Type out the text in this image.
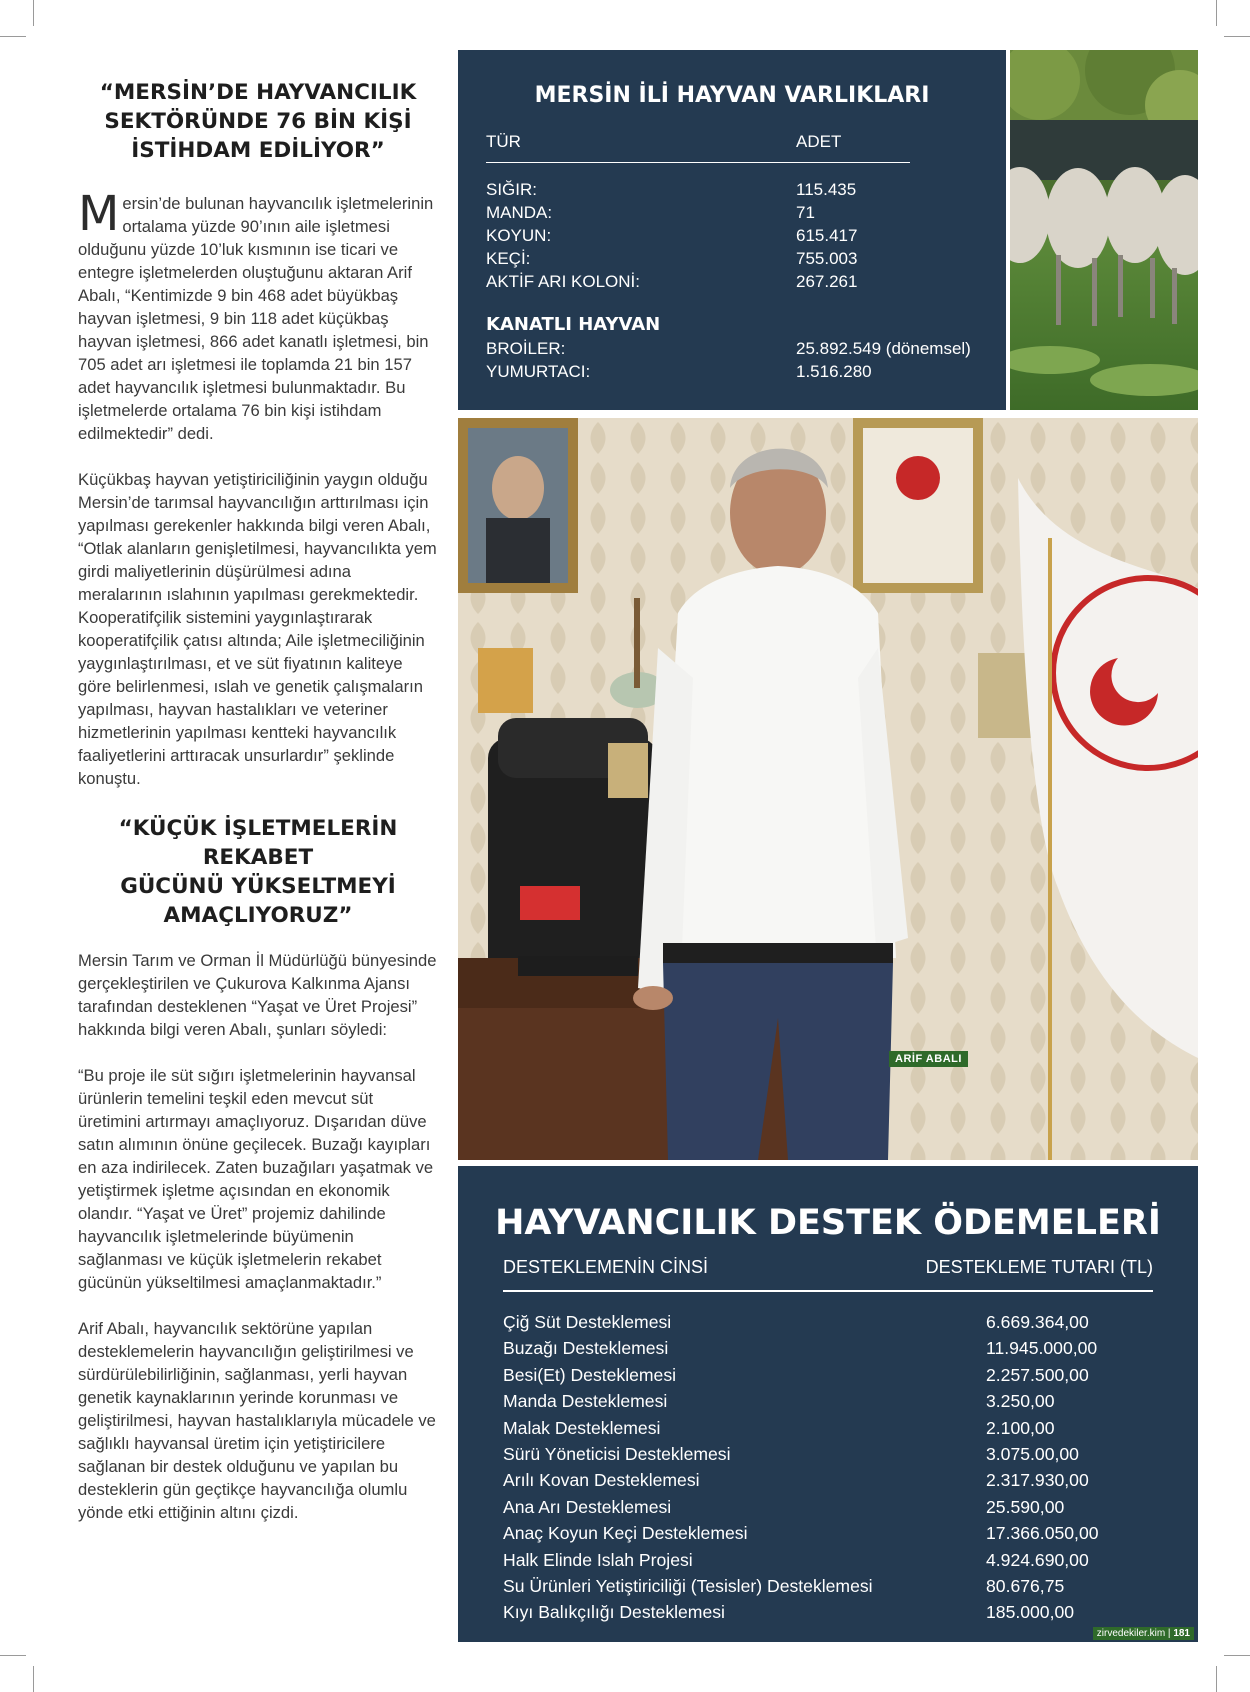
“MERSİN’DE HAYVANCILIK
SEKTÖRÜNDE 76 BİN KİŞİ
İSTİHDAM EDİLİYOR”

Mersin’de bulunan hayvancılık işletmelerinin ortalama yüzde 90’ının aile işletmesi olduğunu yüzde 10’luk kısmının ise ticari ve entegre işletmelerden oluştuğunu aktaran Arif Abalı, “Kentimizde 9 bin 468 adet büyükbaş hayvan işletmesi, 9 bin 118 adet küçükbaş hayvan işletmesi, 866 adet kanatlı işletmesi, bin 705 adet arı işletmesi ile toplamda 21 bin 157 adet hayvancılık işletmesi bulunmaktadır. Bu işletmelerde ortalama 76 bin kişi istihdam edilmektedir” dedi.

Küçükbaş hayvan yetiştiriciliğinin yaygın olduğu Mersin’de tarımsal hayvancılığın arttırılması için yapılması gerekenler hakkında bilgi veren Abalı, “Otlak alanların genişletilmesi, hayvancılıkta yem girdi maliyetlerinin düşürülmesi adına meralarının ıslahının yapılması gerekmektedir. Kooperatifçilik sistemini yaygınlaştırarak kooperatifçilik çatısı altında; Aile işletmeciliğinin yaygınlaştırılması, et ve süt fiyatının kaliteye göre belirlenmesi, ıslah ve genetik çalışmaların yapılması, hayvan hastalıkları ve veteriner hizmetlerinin yapılması kentteki hayvancılık faaliyetlerini arttıracak unsurlardır” şeklinde konuştu.

“KÜÇÜK İŞLETMELERİN
REKABET
GÜCÜNÜ YÜKSELTMEYİ
AMAÇLIYORUZ”

Mersin Tarım ve Orman İl Müdürlüğü bünyesinde gerçekleştirilen ve Çukurova Kalkınma Ajansı tarafından desteklenen “Yaşat ve Üret Projesi” hakkında bilgi veren Abalı, şunları söyledi:

“Bu proje ile süt sığırı işletmelerinin hayvansal ürünlerin temelini teşkil eden mevcut süt üretimini artırmayı amaçlıyoruz. Dışarıdan düve satın alımının önüne geçilecek. Buzağı kayıpları en aza indirilecek. Zaten buzağıları yaşatmak ve yetiştirmek işletme açısından en ekonomik olandır. “Yaşat ve Üret” projemiz dahilinde hayvancılık işletmelerinde büyümenin sağlanması ve küçük işletmelerin rekabet gücünün yükseltilmesi amaçlanmaktadır.”

Arif Abalı, hayvancılık sektörüne yapılan desteklemelerin hayvancılığın geliştirilmesi ve sürdürülebilirliğinin, sağlanması, yerli hayvan genetik kaynaklarının yerinde korunması ve geliştirilmesi, hayvan hastalıklarıyla mücadele ve sağlıklı hayvansal üretim için yetiştiricilere sağlanan bir destek olduğunu ve yapılan bu desteklerin gün geçtikçe hayvancılığa olumlu yönde etki ettiğinin altını çizdi.

MERSİN İLİ HAYVAN VARLIKLARI
TÜR	ADET
SIĞIR:	115.435
MANDA:	71
KOYUN:	615.417
KEÇİ:	755.003
AKTİF ARI KOLONİ:	267.261
KANATLI HAYVAN
BROİLER:	25.892.549 (dönemsel)
YUMURTACI:	1.516.280
ARİF ABALI
HAYVANCILIK DESTEK ÖDEMELERİ
DESTEKLEMENİN CİNSİ	DESTEKLEME TUTARI (TL)
Çiğ Süt Desteklemesi	6.669.364,00
Buzağı Desteklemesi	11.945.000,00
Besi(Et) Desteklemesi	2.257.500,00
Manda Desteklemesi	3.250,00
Malak Desteklemesi	2.100,00
Sürü Yöneticisi Desteklemesi	3.075.00,00
Arılı Kovan Desteklemesi	2.317.930,00
Ana Arı Desteklemesi	25.590,00
Anaç Koyun Keçi Desteklemesi	17.366.050,00
Halk Elinde Islah Projesi	4.924.690,00
Su Ürünleri Yetiştiriciliği (Tesisler) Desteklemesi	80.676,75
Kıyı Balıkçılığı Desteklemesi	185.000,00
zirvedekiler.kim | 181
